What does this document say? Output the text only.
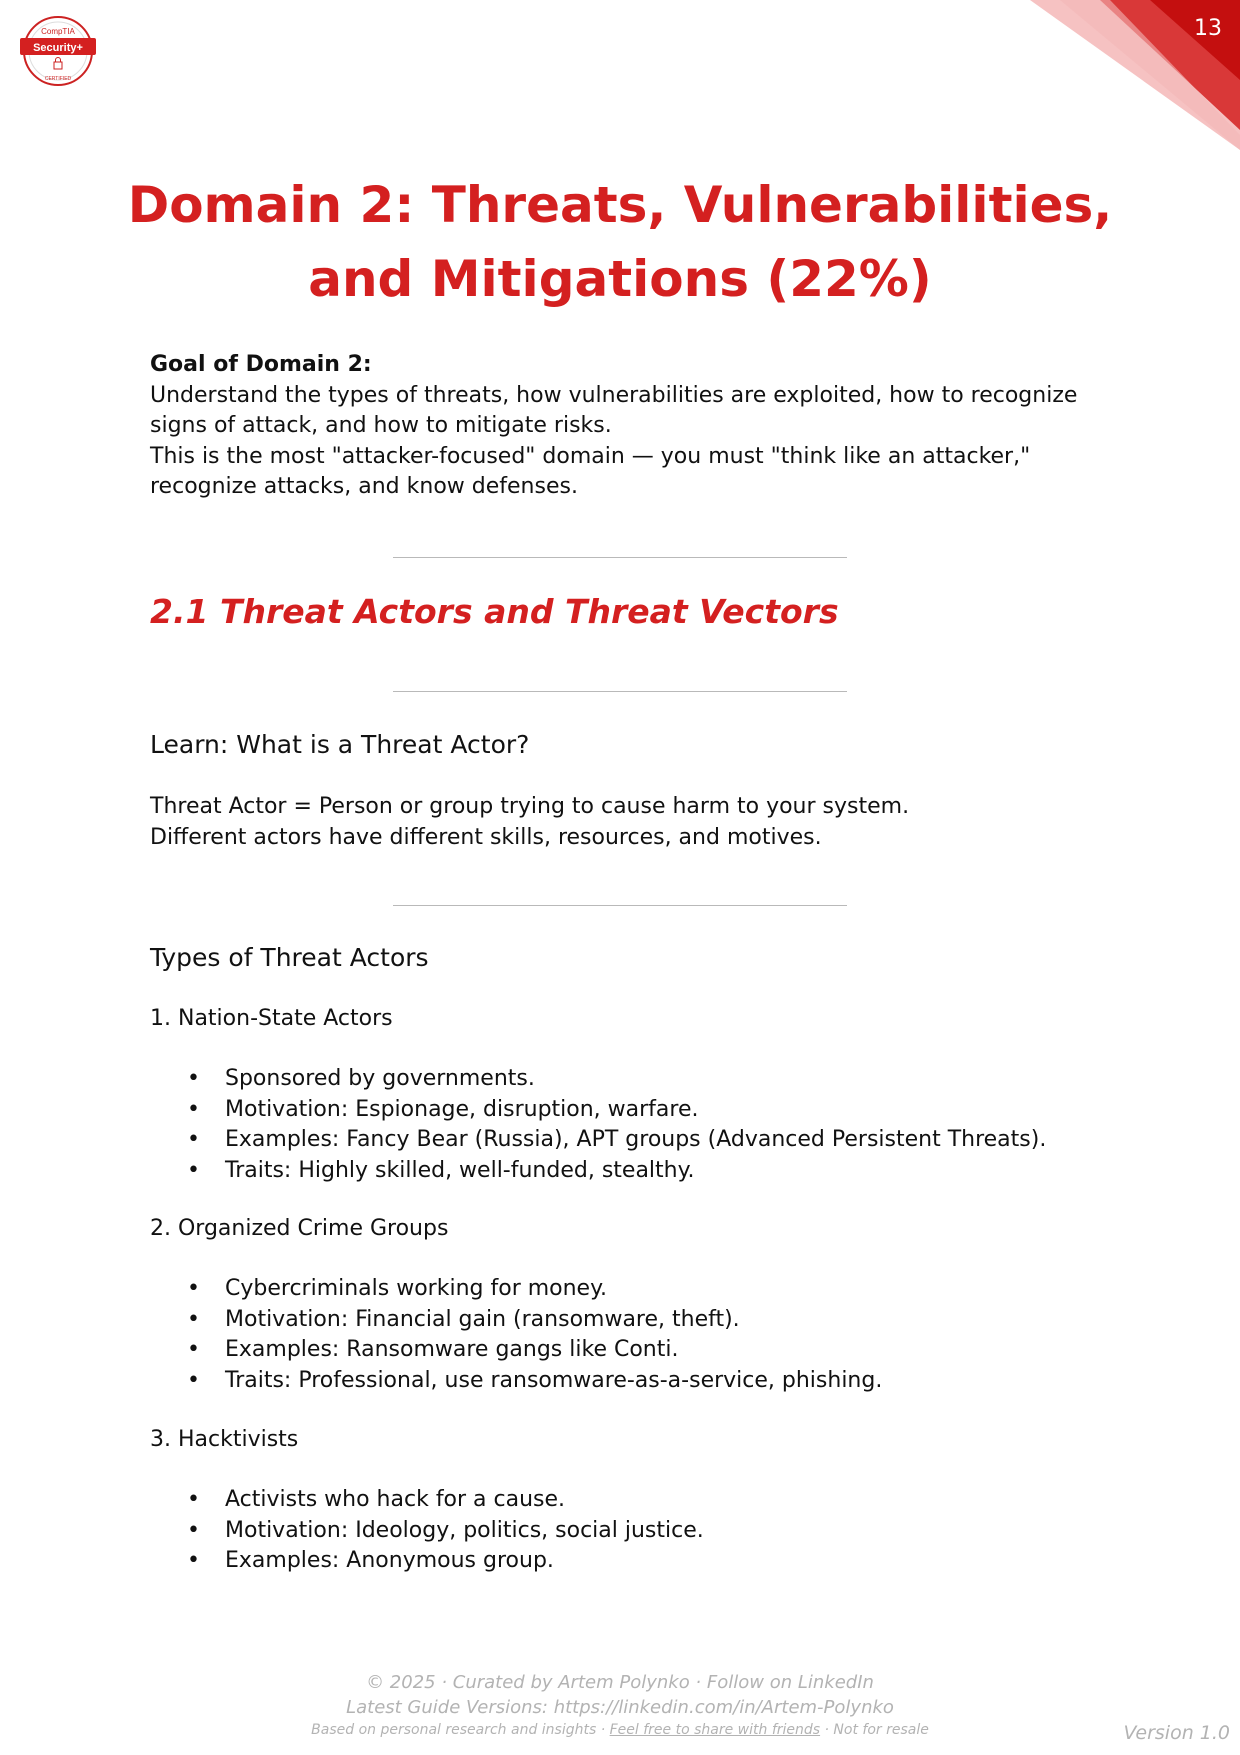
13
CompTIA
Security+
CERTIFIED
Domain 2: Threats, Vulnerabilities,
and Mitigations (22%)
Goal of Domain 2:

Understand the types of threats, how vulnerabilities are exploited, how to recognize signs of attack, and how to mitigate risks.

This is the most "attacker-focused" domain — you must "think like an attacker," recognize attacks, and know defenses.

2.1 Threat Actors and Threat Vectors
Learn: What is a Threat Actor?

Threat Actor = Person or group trying to cause harm to your system.

Different actors have different skills, resources, and motives.

Types of Threat Actors
1. Nation-State Actors
• Sponsored by governments.
• Motivation: Espionage, disruption, warfare.
• Examples: Fancy Bear (Russia), APT groups (Advanced Persistent Threats).
• Traits: Highly skilled, well-funded, stealthy.
2. Organized Crime Groups
• Cybercriminals working for money.
• Motivation: Financial gain (ransomware, theft).
• Examples: Ransomware gangs like Conti.
• Traits: Professional, use ransomware-as-a-service, phishing.
3. Hacktivists
• Activists who hack for a cause.
• Motivation: Ideology, politics, social justice.
• Examples: Anonymous group.
© 2025 · Curated by Artem Polynko · Follow on LinkedIn
Latest Guide Versions: https://linkedin.com/in/Artem-Polynko
Based on personal research and insights · Feel free to share with friends · Not for resale	Version 1.0
